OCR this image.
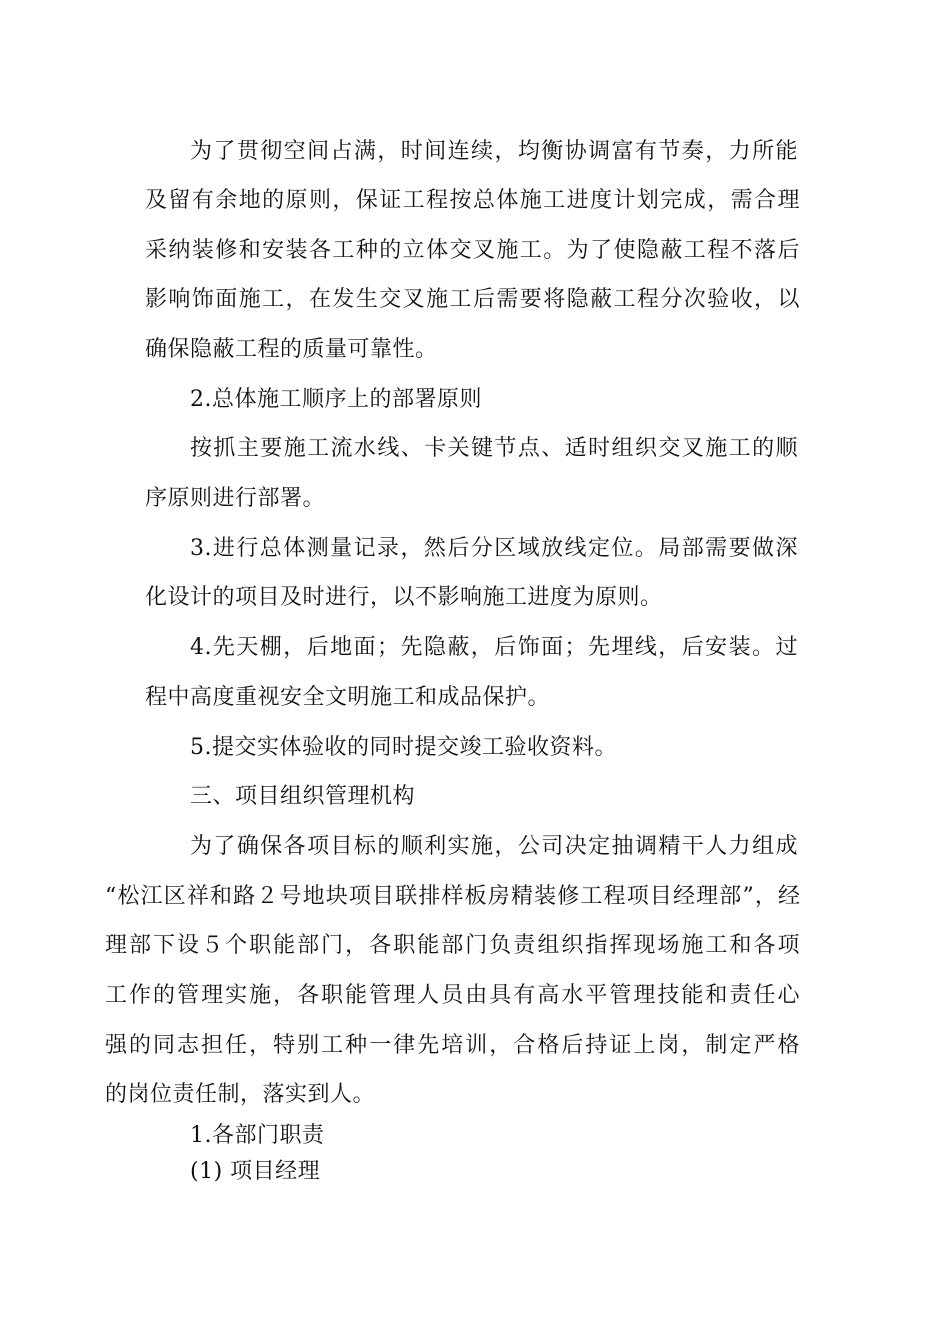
为了贯彻空间占满，时间连续，均衡协调富有节奏，力所能
及留有余地的原则，保证工程按总体施工进度计划完成，需合理
采纳装修和安装各工种的立体交叉施工。为了使隐蔽工程不落后
影响饰面施工，在发生交叉施工后需要将隐蔽工程分次验收，以
确保隐蔽工程的质量可靠性。
2.总体施工顺序上的部署原则
按抓主要施工流水线、卡关键节点、适时组织交叉施工的顺
序原则进行部署。
3.进行总体测量记录，然后分区域放线定位。局部需要做深
化设计的项目及时进行，以不影响施工进度为原则。
4.先天棚，后地面；先隐蔽，后饰面；先埋线，后安装。过
程中高度重视安全文明施工和成品保护。
5.提交实体验收的同时提交竣工验收资料。
三、项目组织管理机构
为了确保各项目标的顺利实施，公司决定抽调精干人力组成
“松江区祥和路２号地块项目联排样板房精装修工程项目经理部”，经
理部下设５个职能部门，各职能部门负责组织指挥现场施工和各项
工作的管理实施，各职能管理人员由具有高水平管理技能和责任心
强的同志担任，特别工种一律先培训，合格后持证上岗，制定严格
的岗位责任制，落实到人。
1.各部门职责
(1) 项目经理
